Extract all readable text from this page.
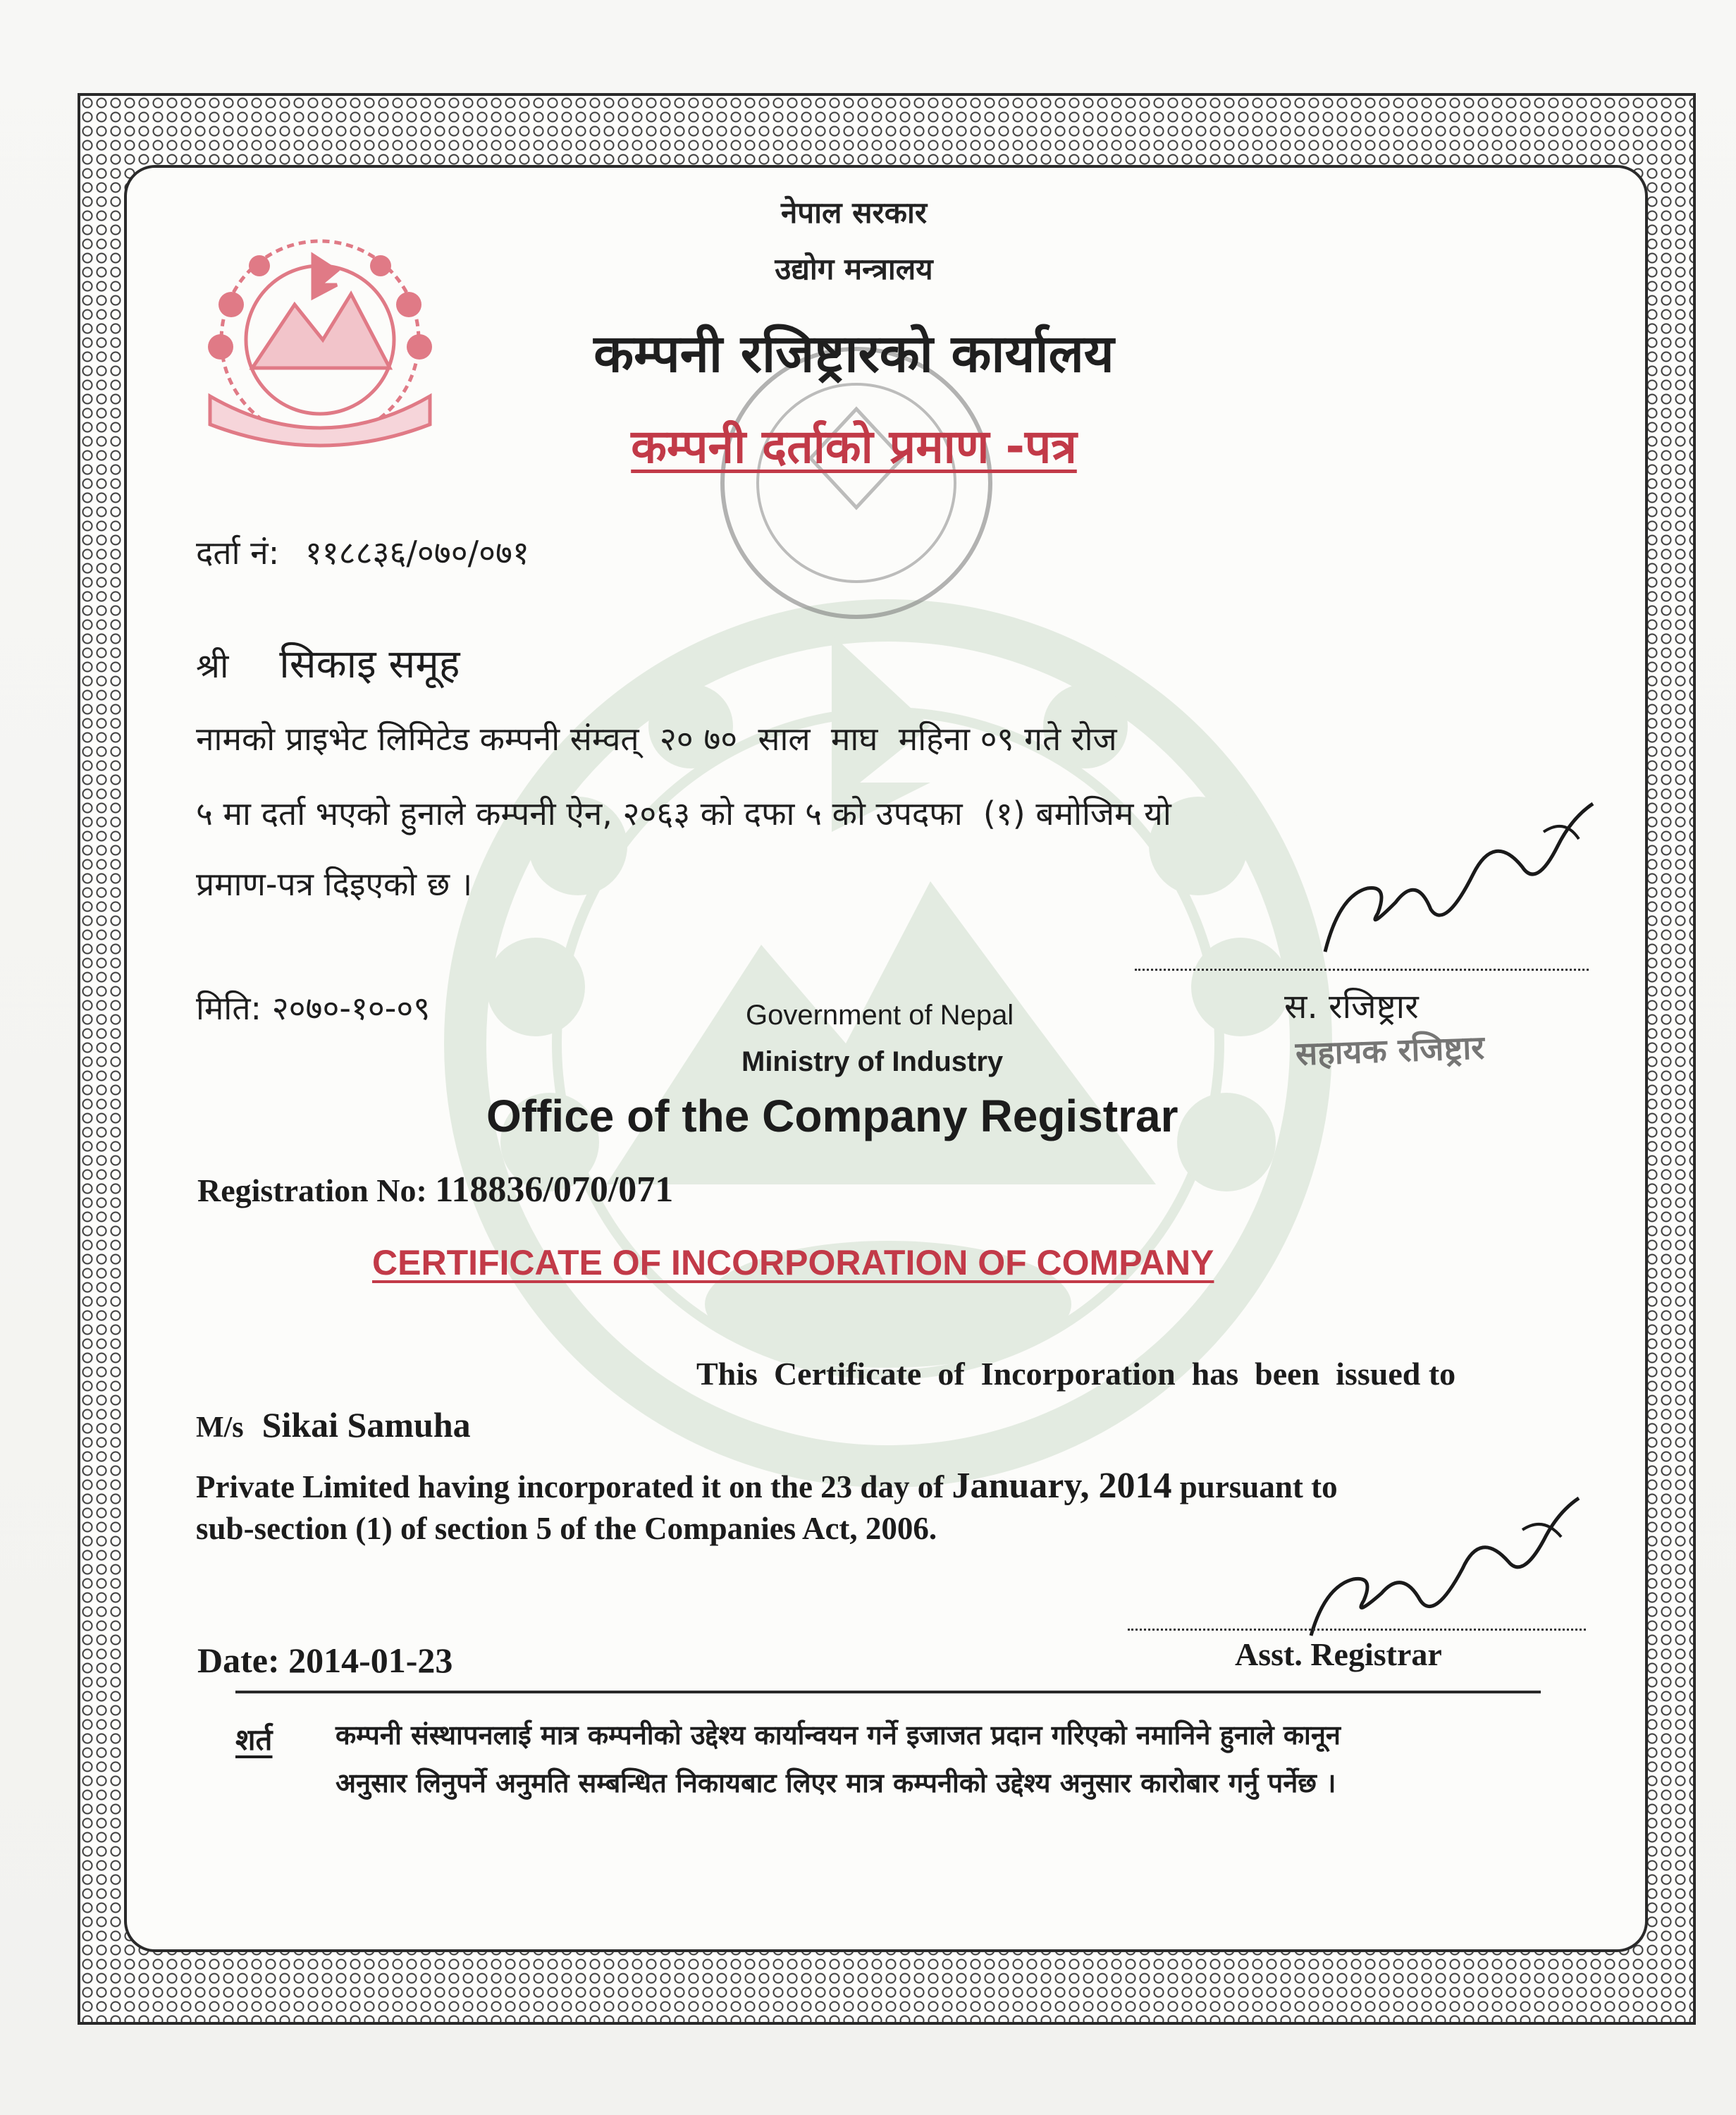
नेपाल सरकार
उद्योग मन्त्रालय
कम्पनी रजिष्ट्रारको कार्यालय
कम्पनी दर्ताको प्रमाण -पत्र
दर्ता नं: ११८८३६/०७०/०७१
श्री सिकाइ समूह
नामको प्राइभेट लिमिटेड कम्पनी संम्वत्  २० ७०  साल  माघ  महिना ०९ गते रोज
५ मा दर्ता भएको हुनाले कम्पनी ऐन, २०६३ को दफा ५ को उपदफा  (१) बमोजिम यो
प्रमाण-पत्र दिइएको छ ।
मिति: २०७०-१०-०९	स. रजिष्ट्रार
सहायक रजिष्ट्रार
Government of Nepal
Ministry of Industry
Office of the Company Registrar
Registration No: 118836/070/071
CERTIFICATE OF INCORPORATION OF COMPANY
This  Certificate  of  Incorporation  has  been  issued to
M/s Sikai Samuha
Private Limited having incorporated it on the 23 day of January, 2014 pursuant to
sub-section (1) of section 5 of the Companies Act, 2006.
Date: 2014-01-23	Asst. Registrar
शर्त कम्पनी संस्थापनलाई मात्र कम्पनीको उद्देश्य कार्यान्वयन गर्ने इजाजत प्रदान गरिएको नमानिने हुनाले कानून
अनुसार लिनुपर्ने अनुमति सम्बन्धित निकायबाट लिएर मात्र कम्पनीको उद्देश्य अनुसार कारोबार गर्नु पर्नेछ ।
